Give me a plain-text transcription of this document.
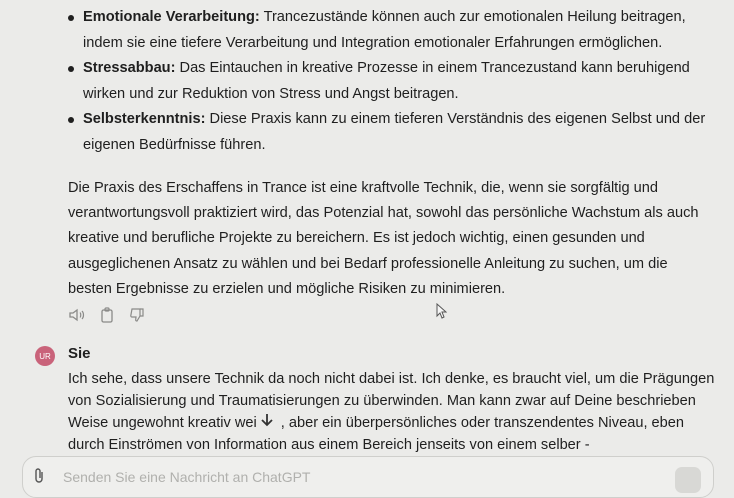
Emotionale Verarbeitung: Trancezustände können auch zur emotionalen Heilung beitragen, indem sie eine tiefere Verarbeitung und Integration emotionaler Erfahrungen ermöglichen.
Stressabbau: Das Eintauchen in kreative Prozesse in einem Trancezustand kann beruhigend wirken und zur Reduktion von Stress und Angst beitragen.
Selbsterkenntnis: Diese Praxis kann zu einem tieferen Verständnis des eigenen Selbst und der eigenen Bedürfnisse führen.

Die Praxis des Erschaffens in Trance ist eine kraftvolle Technik, die, wenn sie sorgfältig und verantwortungsvoll praktiziert wird, das Potenzial hat, sowohl das persönliche Wachstum als auch kreative und berufliche Projekte zu bereichern. Es ist jedoch wichtig, einen gesunden und ausgeglichenen Ansatz zu wählen und bei Bedarf professionelle Anleitung zu suchen, um die besten Ergebnisse zu erzielen und mögliche Risiken zu minimieren.

UR Sie

Ich sehe, dass unsere Technik da noch nicht dabei ist. Ich denke, es braucht viel, um die Prägungen von Sozialisierung und Traumatisierungen zu überwinden. Man kann zwar auf Deine beschrieben Weise ungewohnt kreativ wei , aber ein überpersönliches oder transzendentes Niveau, eben durch Einströmen von Information aus einem Bereich jenseits von einem selber -

Senden Sie eine Nachricht an ChatGPT
